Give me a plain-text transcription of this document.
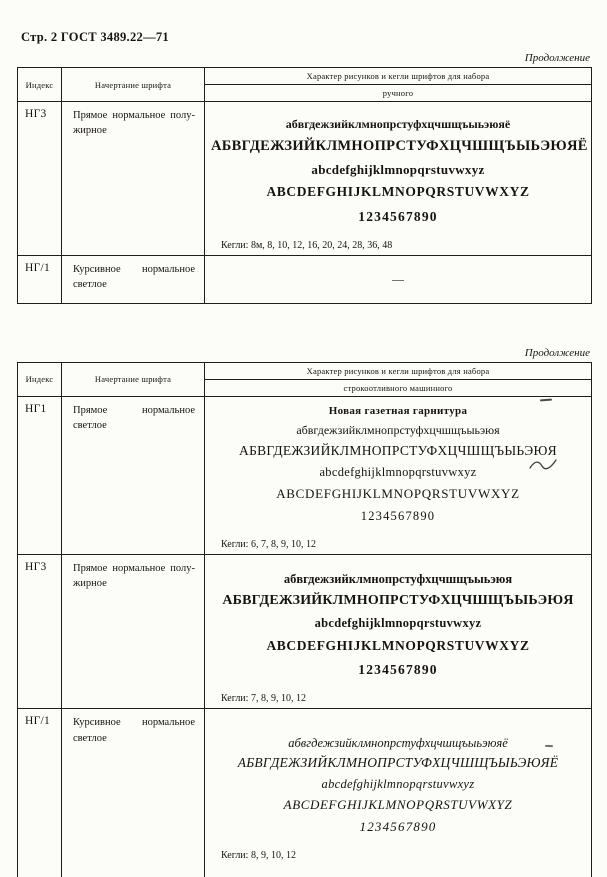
Стр. 2 ГОСТ 3489.22—71
Продолжение
Индекс	Начертание шрифта	Характер рисунков и кегли шрифтов для набора
		ручного
НГ3	Прямое нормальное полу-жирное	абвгдежзийклмнопрстуфхцчшщъыьэюяё
АБВГДЕЖЗИЙКЛМНОПРСТУФХЦЧШЩЪЫЬЭЮЯЁ
abcdefghijklmnopqrstuvwxyz
ABCDEFGHIJKLMNOPQRSTUVWXYZ
1234567890
Кегли: 8м, 8, 10, 12, 16, 20, 24, 28, 36, 48

НГ/1	Курсивное нормальное светлое	—
Продолжение
Индекс	Начертание шрифта	Характер рисунков и кегли шрифтов для набора
		строкоотливного машинного
НГ1	Прямое нормальное светлое	
Новая газетная гарнитура
абвгдежзийклмнопрстуфхцчшщъыьэюя
АБВГДЕЖЗИЙКЛМНОПРСТУФХЦЧШЩЪЫЬЭЮЯ
abcdefghijklmnopqrstuvwxyz
ABCDEFGHIJKLMNOPQRSTUVWXYZ
1234567890
Кегли: 6, 7, 8, 9, 10, 12

НГ3	Прямое нормальное полу-жирное	абвгдежзийклмнопрстуфхцчшщъыьэюя
АБВГДЕЖЗИЙКЛМНОПРСТУФХЦЧШЩЪЫЬЭЮЯ
abcdefghijklmnopqrstuvwxyz
ABCDEFGHIJKLMNOPQRSTUVWXYZ
1234567890
Кегли: 7, 8, 9, 10, 12

НГ/1	Курсивное нормальное светлое	абвгдежзийклмнопрстуфхцчшщъыьэюяё
АБВГДЕЖЗИЙКЛМНОПРСТУФХЦЧШЩЪЫЬЭЮЯЁ
abcdefghijklmnopqrstuvwxyz
ABCDEFGHIJKLMNOPQRSTUVWXYZ
1234567890
Кегли: 8, 9, 10, 12
